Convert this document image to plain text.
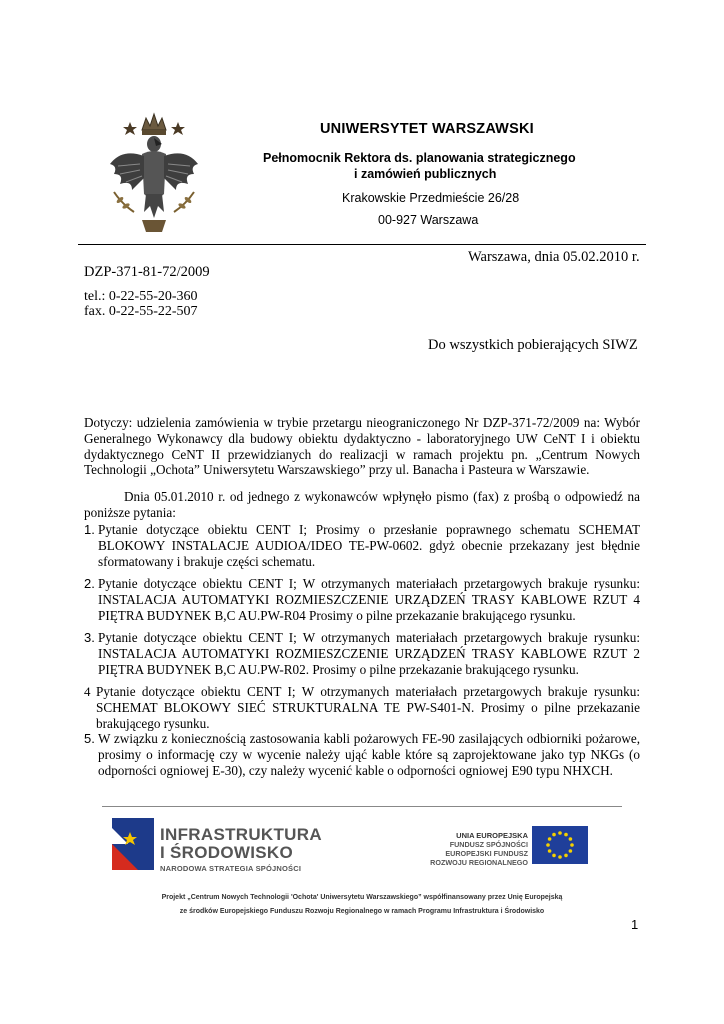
UNIWERSYTET WARSZAWSKI
Pełnomocnik Rektora ds. planowania strategicznego
i zamówień publicznych
Krakowskie Przedmieście 26/28
00-927 Warszawa
Warszawa, dnia 05.02.2010 r.
DZP-371-81-72/2009
tel.: 0-22-55-20-360
fax. 0-22-55-22-507
Do wszystkich pobierających SIWZ
Dotyczy: udzielenia zamówienia w trybie przetargu nieograniczonego Nr DZP-371-72/2009 na: Wybór Generalnego Wykonawcy dla budowy obiektu dydaktyczno - laboratoryjnego UW CeNT I i obiektu dydaktycznego CeNT II przewidzianych do realizacji w ramach projektu pn. „Centrum Nowych Technologii „Ochota” Uniwersytetu Warszawskiego” przy ul. Banacha i Pasteura w Warszawie.
Dnia 05.01.2010 r. od jednego z wykonawców wpłynęło pismo (fax) z prośbą o odpowiedź na poniższe pytania:
1. Pytanie dotyczące obiektu CENT I; Prosimy o przesłanie poprawnego schematu SCHEMAT BLOKOWY INSTALACJE AUDIOA/IDEO TE-PW-0602. gdyż obecnie przekazany jest błędnie sformatowany i brakuje części schematu.
2. Pytanie dotyczące obiektu CENT I; W otrzymanych materiałach przetargowych brakuje rysunku: INSTALACJA AUTOMATYKI ROZMIESZCZENIE URZĄDZEŃ TRASY KABLOWE RZUT 4 PIĘTRA BUDYNEK B,C AU.PW-R04 Prosimy o pilne przekazanie brakującego rysunku.
3. Pytanie dotyczące obiektu CENT I; W otrzymanych materiałach przetargowych brakuje rysunku: INSTALACJA AUTOMATYKI ROZMIESZCZENIE URZĄDZEŃ TRASY KABLOWE RZUT 2 PIĘTRA BUDYNEK B,C AU.PW-R02. Prosimy o pilne przekazanie brakującego rysunku.
4 Pytanie dotyczące obiektu CENT I; W otrzymanych materiałach przetargowych brakuje rysunku: SCHEMAT BLOKOWY SIEĆ STRUKTURALNA TE PW-S401-N. Prosimy o pilne przekazanie brakującego rysunku.
5. W związku z koniecznością zastosowania kabli pożarowych FE-90 zasilających odbiorniki pożarowe, prosimy o informację czy w wycenie należy ująć kable które są zaprojektowane jako typ NKGs (o odporności ogniowej E-30), czy należy wycenić kable o odporności ogniowej E90 typu NHXCH.
INFRASTRUKTURA
I ŚRODOWISKO
NARODOWA STRATEGIA SPÓJNOŚCI
UNIA EUROPEJSKA
FUNDUSZ SPÓJNOŚCI
EUROPEJSKI FUNDUSZ
ROZWOJU REGIONALNEGO
Projekt „Centrum Nowych Technologii 'Ochota' Uniwersytetu Warszawskiego” współfinansowany przez Unię Europejską
ze środków Europejskiego Funduszu Rozwoju Regionalnego w ramach Programu Infrastruktura i Środowisko
1
